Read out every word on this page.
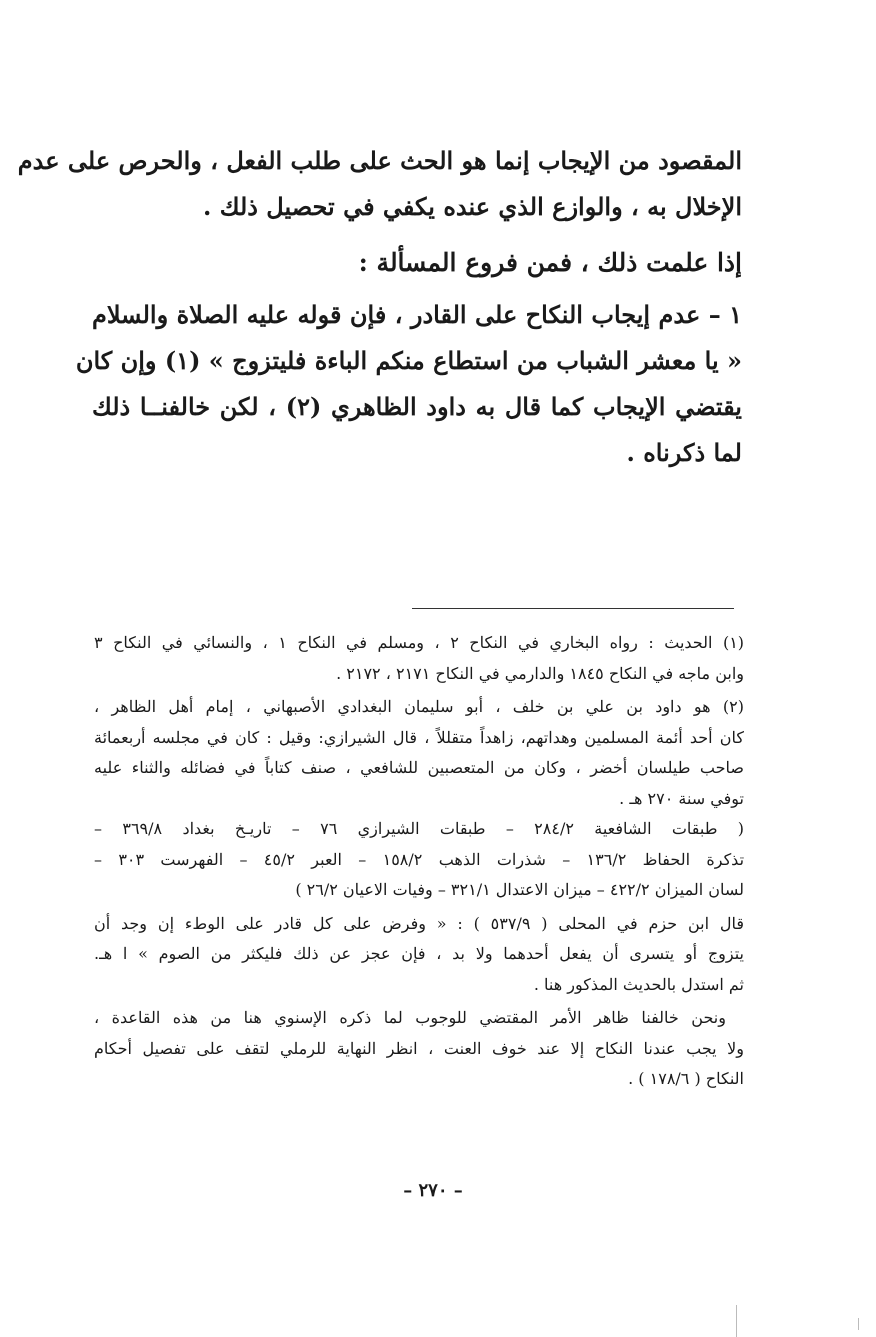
المقصود من الإيجاب إنما هو الحث على طلب الفعل ، والحرص على عدم
الإخلال به ، والوازع الذي عنده يكفي في تحصيل ذلك .
إذا علمت ذلك ، فمن فروع المسألة :
١ – عدم إيجاب النكاح على القادر ، فإن قوله عليه الصلاة والسلام
« يا معشر الشباب من استطاع منكم الباءة فليتزوج » (١) وإن كان
يقتضي الإيجاب كما قال به داود الظاهري (٢) ، لكن خالفنــا ذلك
لما ذكرناه .
(١) الحديث : رواه البخاري في النكاح ٢ ، ومسلم في النكاح ١ ، والنسائي في النكاح ٣
وابن ماجه في النكاح ١٨٤٥ والدارمي في النكاح ٢١٧١ ، ٢١٧٢ .
(٢) هو داود بن علي بن خلف ، أبو سليمان البغدادي الأصبهاني ، إمام أهل الظاهر ،
كان أحد أئمة المسلمين وهداتهم، زاهداً متقللاً ، قال الشيرازي: وقيل : كان في مجلسه أربعمائة
صاحب طيلسان أخضر ، وكان من المتعصبين للشافعي ، صنف كتاباً في فضائله والثناء عليه
توفي سنة ٢٧٠ هـ .
( طبقات الشافعية ٢٨٤/٢ – طبقات الشيرازي ٧٦ – تاريـخ بغداد ٣٦٩/٨ –
تذكرة الحفاظ ١٣٦/٢ – شذرات الذهب ١٥٨/٢ – العبر ٤٥/٢ – الفهرست ٣٠٣ –
لسان الميزان ٤٢٢/٢ – ميزان الاعتدال ٣٢١/١ – وفيات الاعيان ٢٦/٢ )
قال ابن حزم في المحلى ( ٥٣٧/٩ ) : « وفرض على كل قادر على الوطء إن وجد أن
يتزوج أو يتسرى أن يفعل أحدهما ولا بد ، فإن عجز عن ذلك فليكثر من الصوم » ا هـ.
ثم استدل بالحديث المذكور هنا .
ونحن خالفنا ظاهر الأمر المقتضي للوجوب لما ذكره الإسنوي هنا من هذه القاعدة ،
ولا يجب عندنا النكاح إلا عند خوف العنت ، انظر النهاية للرملي لتقف على تفصيل أحكام
النكاح ( ١٧٨/٦ ) .
– ٢٧٠ –
